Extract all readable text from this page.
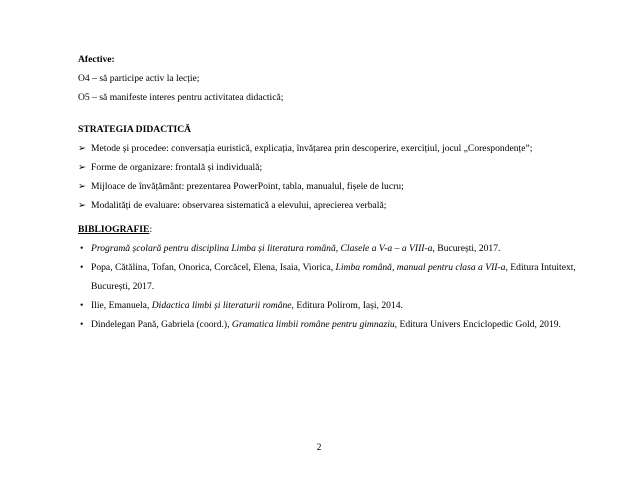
Afective:
O4 – să participe activ la lecție;
O5 – să manifeste interes pentru activitatea didactică;
STRATEGIA DIDACTICĂ
➢ Metode și procedee: conversația euristică, explicația, învățarea prin descoperire, exercițiul, jocul „Corespondențe”;
➢ Forme de organizare: frontală și individuală;
➢ Mijloace de învățământ: prezentarea PowerPoint, tabla, manualul, fișele de lucru;
➢ Modalități de evaluare: observarea sistematică a elevului, aprecierea verbală;
BIBLIOGRAFIE:
• Programă școlară pentru disciplina Limba și literatura română, Clasele a V-a – a VIII-a, București, 2017.
• Popa, Cătălina, Tofan, Onorica, Corcăcel, Elena, Isaia, Viorica, Limba română, manual pentru clasa a VII-a, Editura Intuitext,
București, 2017.
• Ilie, Emanuela, Didactica limbi și literaturii române, Editura Polirom, Iași, 2014.
• Dindelegan Pană, Gabriela (coord.), Gramatica limbii române pentru gimnaziu, Editura Univers Enciclopedic Gold, 2019.
2
